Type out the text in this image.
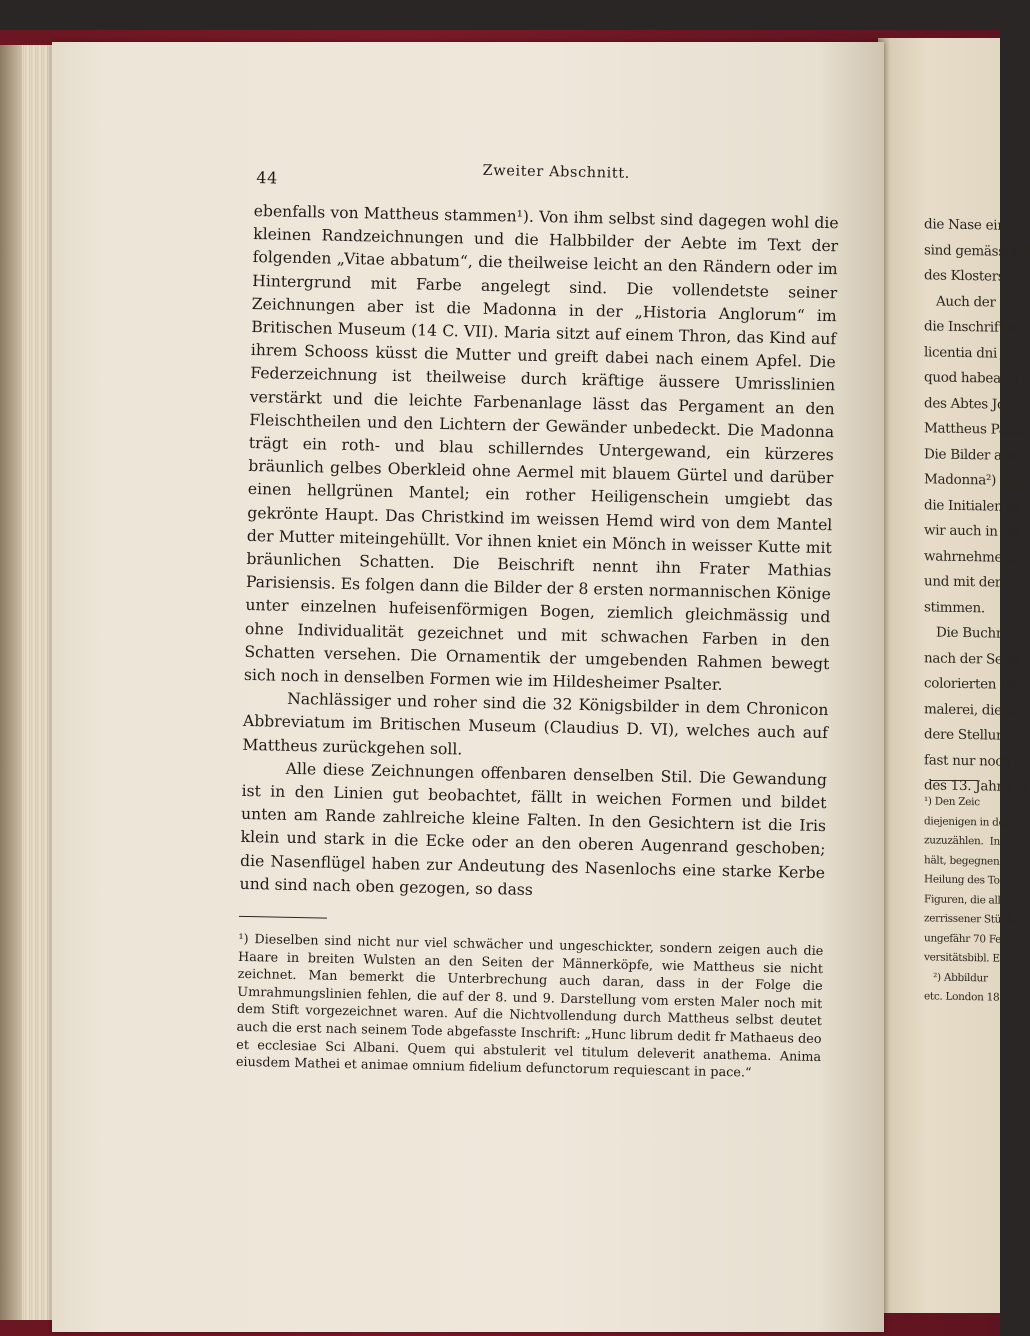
die Nase einen
sind gemässigte
des Klosters¹).
Auch der
die Inschrift tr
licentia dni Jo
quod habeat u
des Abtes Joha
Mattheus Paris
Die Bilder aus
Madonna²) sind
die Initialen m
wir auch in ihr
wahrnehmen,
und mit dem
stimmen.
Die Buchr
nach der Seite
colorierten Fed
malerei, die in
dere Stellung
fast nur noch a
des 13. Jahrhun
¹) Den Zeic
diejenigen in der
zuzuzählen.  In
hält, begegnen w
Heilung des Tob
Figuren, die alle
zerrissener Stück
ungefähr 70 Fede
versitätsbibl. E.c.
²) Abbildur
etc. London 1879
44	Zweiter Abschnitt.

ebenfalls von Mattheus stammen¹). Von ihm selbst sind dagegen wohl die kleinen Randzeichnungen und die Halbbilder der Aebte im Text der folgenden „Vitae abbatum“, die theilweise leicht an den Rändern oder im Hintergrund mit Farbe angelegt sind. Die vollendetste seiner Zeichnungen aber ist die Madonna in der „Historia Anglorum“ im Britischen Museum (14 C. VII). Maria sitzt auf einem Thron, das Kind auf ihrem Schooss küsst die Mutter und greift dabei nach einem Apfel. Die Federzeichnung ist theilweise durch kräftige äussere Umrisslinien verstärkt und die leichte Farbenanlage lässt das Pergament an den Fleischtheilen und den Lichtern der Gewänder unbedeckt. Die Madonna trägt ein roth- und blau schillerndes Untergewand, ein kürzeres bräunlich gelbes Oberkleid ohne Aermel mit blauem Gürtel und darüber einen hellgrünen Mantel; ein rother Heiligenschein umgiebt das gekrönte Haupt. Das Christkind im weissen Hemd wird von dem Mantel der Mutter miteingehüllt. Vor ihnen kniet ein Mönch in weisser Kutte mit bräunlichen Schatten. Die Beischrift nennt ihn Frater Mathias Parisiensis. Es folgen dann die Bilder der 8 ersten normannischen Könige unter einzelnen hufeisenförmigen Bogen, ziemlich gleichmässig und ohne Individualität gezeichnet und mit schwachen Farben in den Schatten versehen. Die Ornamentik der umgebenden Rahmen bewegt sich noch in denselben Formen wie im Hildesheimer Psalter.

Nachlässiger und roher sind die 32 Königsbilder in dem Chronicon Abbreviatum im Britischen Museum (Claudius D. VI), welches auch auf Mattheus zurückgehen soll.

Alle diese Zeichnungen offenbaren denselben Stil. Die Gewandung ist in den Linien gut beobachtet, fällt in weichen Formen und bildet unten am Rande zahlreiche kleine Falten. In den Gesichtern ist die Iris klein und stark in die Ecke oder an den oberen Augenrand geschoben; die Nasenflügel haben zur Andeutung des Nasenlochs eine starke Kerbe und sind nach oben gezogen, so dass

¹) Dieselben sind nicht nur viel schwächer und ungeschickter, sondern zeigen auch die Haare in breiten Wulsten an den Seiten der Männerköpfe, wie Mattheus sie nicht zeichnet. Man bemerkt die Unterbrechung auch daran, dass in der Folge die Umrahmungslinien fehlen, die auf der 8. und 9. Darstellung vom ersten Maler noch mit dem Stift vorgezeichnet waren. Auf die Nichtvollendung durch Mattheus selbst deutet auch die erst nach seinem Tode abgefasste Inschrift: „Hunc librum dedit fr Mathaeus deo et ecclesiae Sci Albani. Quem qui abstulerit vel titulum deleverit anathema. Anima eiusdem Mathei et animae omnium fidelium defunctorum requiescant in pace.“
